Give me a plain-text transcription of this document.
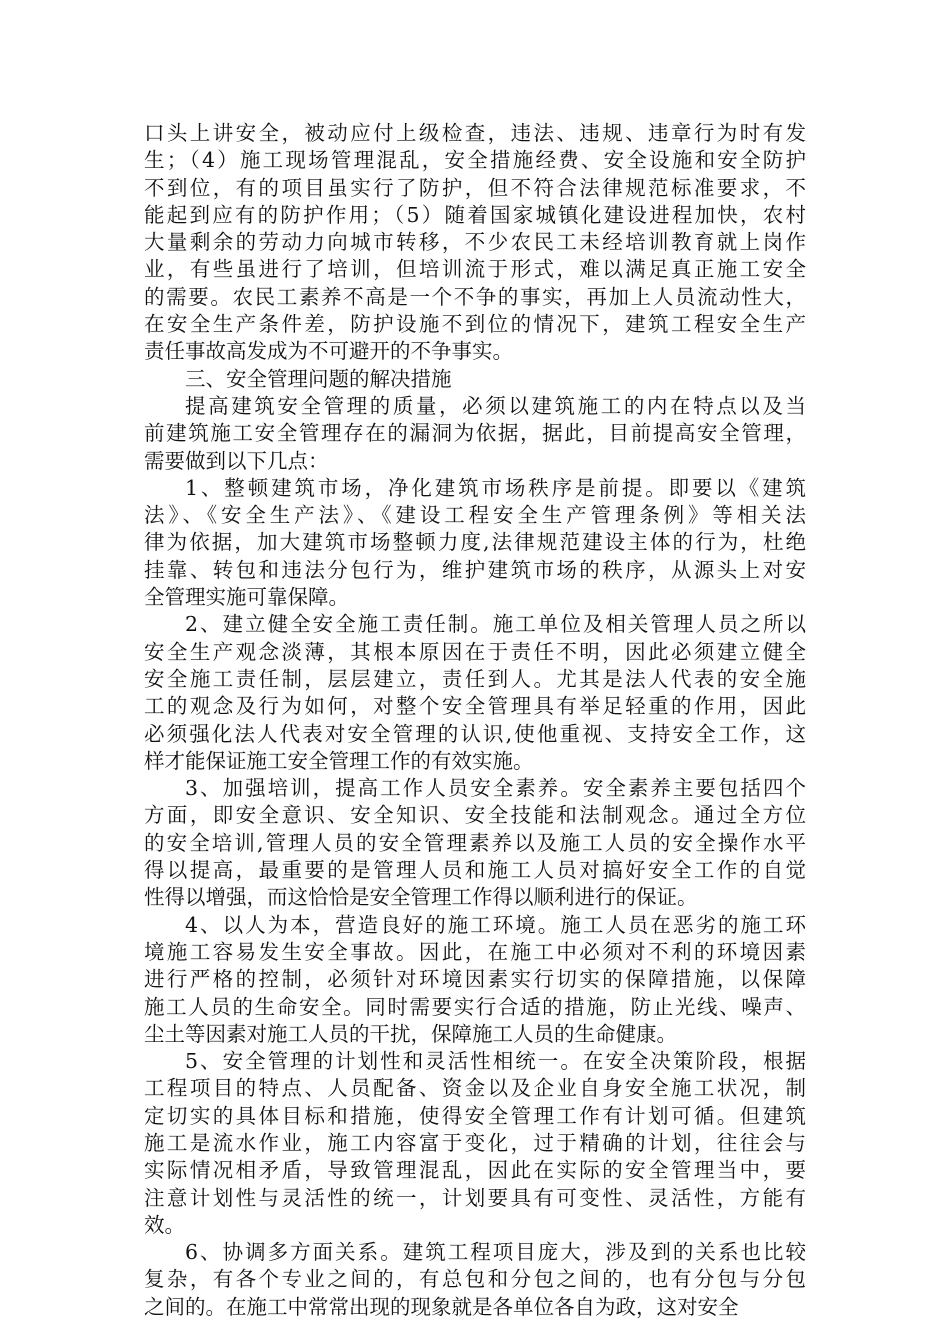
口头上讲安全，被动应付上级检查，违法、违规、违章行为时有发
生；（4）施工现场管理混乱，安全措施经费、安全设施和安全防护
不到位，有的项目虽实行了防护，但不符合法律规范标准要求，不
能起到应有的防护作用；（5）随着国家城镇化建设进程加快，农村
大量剩余的劳动力向城市转移，不少农民工未经培训教育就上岗作
业，有些虽进行了培训，但培训流于形式，难以满足真正施工安全
的需要。农民工素养不高是一个不争的事实，再加上人员流动性大，
在安全生产条件差，防护设施不到位的情况下，建筑工程安全生产
责任事故高发成为不可避开的不争事实。
三、安全管理问题的解决措施
提高建筑安全管理的质量，必须以建筑施工的内在特点以及当
前建筑施工安全管理存在的漏洞为依据，据此，目前提高安全管理，
需要做到以下几点：
1、整顿建筑市场，净化建筑市场秩序是前提。即要以《建筑
法》、《安全生产法》、《建设工程安全生产管理条例》等相关法
律为依据，加大建筑市场整顿力度,法律规范建设主体的行为，杜绝
挂靠、转包和违法分包行为，维护建筑市场的秩序，从源头上对安
全管理实施可靠保障。
2、建立健全安全施工责任制。施工单位及相关管理人员之所以
安全生产观念淡薄，其根本原因在于责任不明，因此必须建立健全
安全施工责任制，层层建立，责任到人。尤其是法人代表的安全施
工的观念及行为如何，对整个安全管理具有举足轻重的作用，因此
必须强化法人代表对安全管理的认识,使他重视、支持安全工作，这
样才能保证施工安全管理工作的有效实施。
3、加强培训，提高工作人员安全素养。安全素养主要包括四个
方面，即安全意识、安全知识、安全技能和法制观念。通过全方位
的安全培训,管理人员的安全管理素养以及施工人员的安全操作水平
得以提高，最重要的是管理人员和施工人员对搞好安全工作的自觉
性得以增强，而这恰恰是安全管理工作得以顺利进行的保证。
4、以人为本，营造良好的施工环境。施工人员在恶劣的施工环
境施工容易发生安全事故。因此，在施工中必须对不利的环境因素
进行严格的控制，必须针对环境因素实行切实的保障措施，以保障
施工人员的生命安全。同时需要实行合适的措施，防止光线、噪声、
尘土等因素对施工人员的干扰，保障施工人员的生命健康。
5、安全管理的计划性和灵活性相统一。在安全决策阶段，根据
工程项目的特点、人员配备、资金以及企业自身安全施工状况，制
定切实的具体目标和措施，使得安全管理工作有计划可循。但建筑
施工是流水作业，施工内容富于变化，过于精确的计划，往往会与
实际情况相矛盾，导致管理混乱，因此在实际的安全管理当中，要
注意计划性与灵活性的统一，计划要具有可变性、灵活性，方能有
效。
6、协调多方面关系。建筑工程项目庞大，涉及到的关系也比较
复杂，有各个专业之间的，有总包和分包之间的，也有分包与分包
之间的。在施工中常常出现的现象就是各单位各自为政，这对安全
